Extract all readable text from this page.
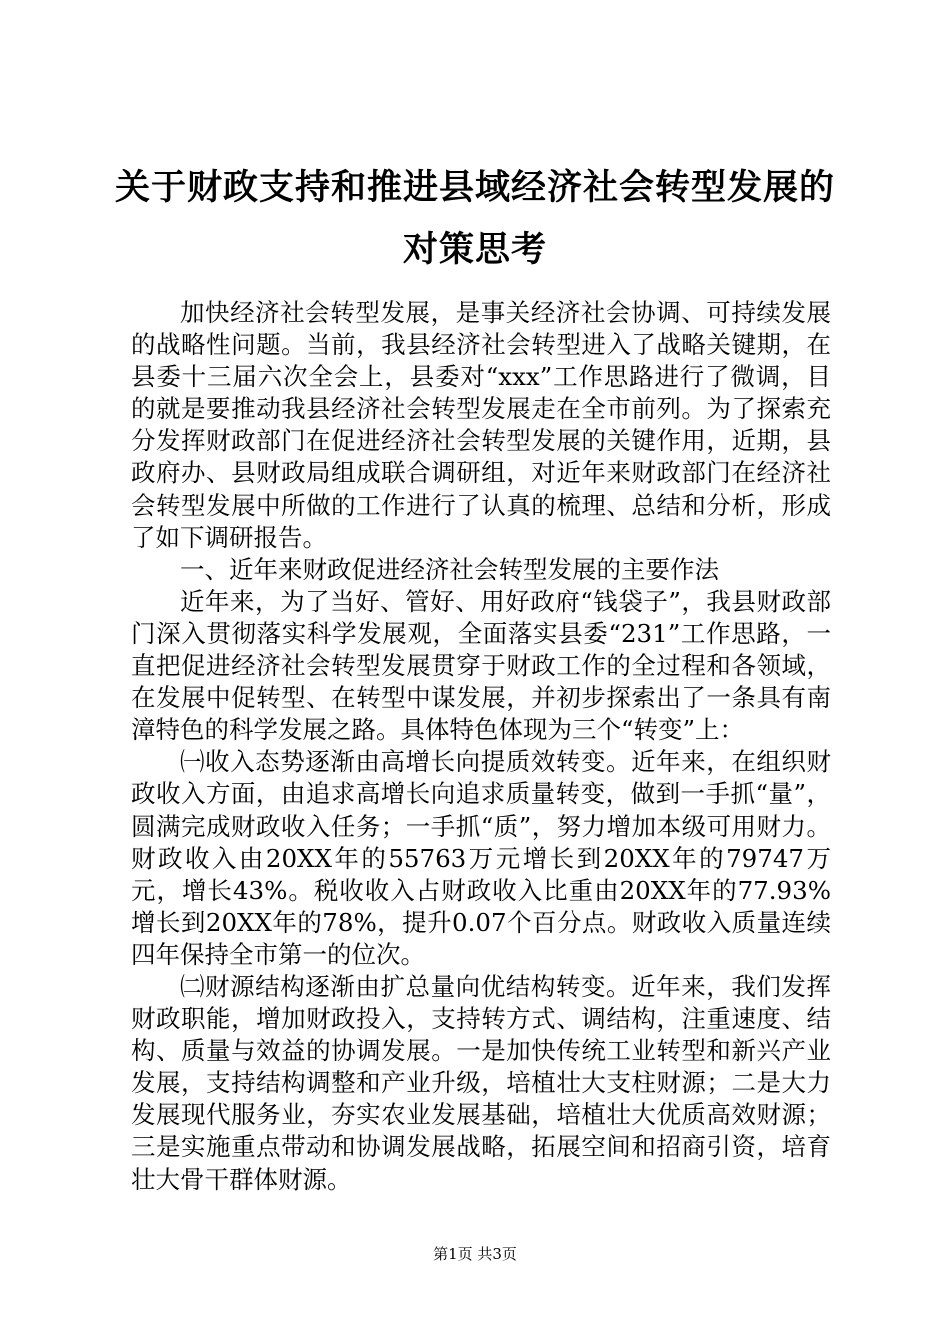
关于财政支持和推进县域经济社会转型发展的
对策思考

加快经济社会转型发展，是事关经济社会协调、可持续发展的战略性问题。当前，我县经济社会转型进入了战略关键期，在县委十三届六次全会上，县委对“xxx”工作思路进行了微调，目的就是要推动我县经济社会转型发展走在全市前列。为了探索充分发挥财政部门在促进经济社会转型发展的关键作用，近期，县政府办、县财政局组成联合调研组，对近年来财政部门在经济社会转型发展中所做的工作进行了认真的梳理、总结和分析，形成了如下调研报告。

一、近年来财政促进经济社会转型发展的主要作法

近年来，为了当好、管好、用好政府“钱袋子”，我县财政部门深入贯彻落实科学发展观，全面落实县委“231”工作思路，一直把促进经济社会转型发展贯穿于财政工作的全过程和各领域，在发展中促转型、在转型中谋发展，并初步探索出了一条具有南漳特色的科学发展之路。具体特色体现为三个“转变”上：

㈠收入态势逐渐由高增长向提质效转变。近年来，在组织财政收入方面，由追求高增长向追求质量转变，做到一手抓“量”，圆满完成财政收入任务；一手抓“质”，努力增加本级可用财力。财政收入由20XX年的55763万元增长到20XX年的79747万元，增长43%。税收收入占财政收入比重由20XX年的77.93%增长到20XX年的78%，提升0.07个百分点。财政收入质量连续四年保持全市第一的位次。

㈡财源结构逐渐由扩总量向优结构转变。近年来，我们发挥财政职能，增加财政投入，支持转方式、调结构，注重速度、结构、质量与效益的协调发展。一是加快传统工业转型和新兴产业发展，支持结构调整和产业升级，培植壮大支柱财源；二是大力发展现代服务业，夯实农业发展基础，培植壮大优质高效财源；三是实施重点带动和协调发展战略，拓展空间和招商引资，培育壮大骨干群体财源。

第1页 共3页
